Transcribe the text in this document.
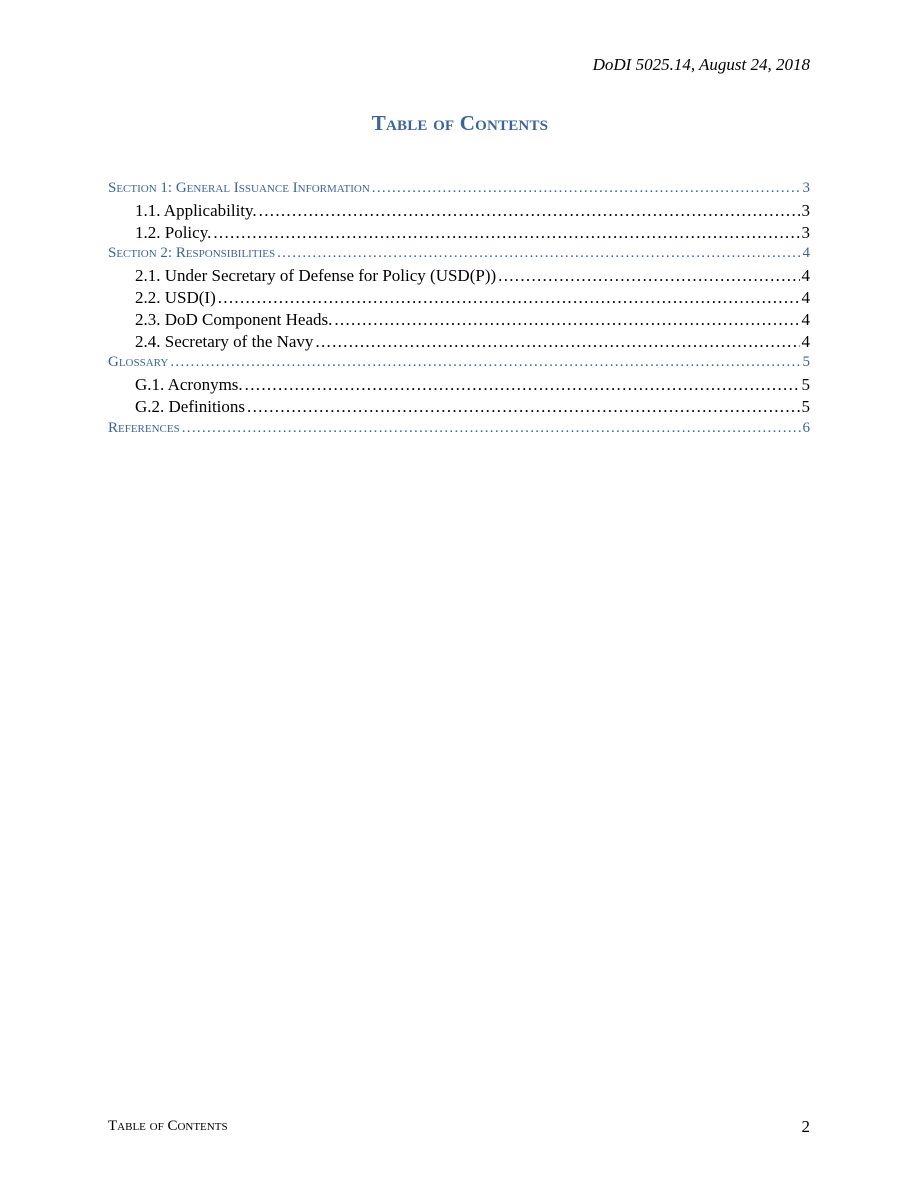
DoDI 5025.14, August 24, 2018
Table of Contents
Section 1: General Issuance Information .....	3
1.1. Applicability. .....	3
1.2. Policy. .....	3
Section 2: Responsibilities .....	4
2.1. Under Secretary of Defense for Policy (USD(P)) .....	4
2.2. USD(I) .....	4
2.3. DoD Component Heads. .....	4
2.4. Secretary of the Navy .....	4
Glossary .....	5
G.1. Acronyms. .....	5
G.2. Definitions .....	5
References .....	6
Table of Contents	2
